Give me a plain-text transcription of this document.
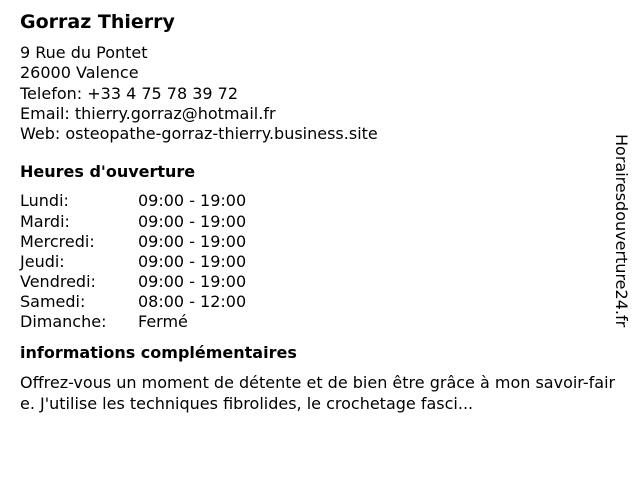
Gorraz Thierry
9 Rue du Pontet
26000 Valence
Telefon: +33 4 75 78 39 72
Email: thierry.gorraz@hotmail.fr
Web: osteopathe-gorraz-thierry.business.site
Heures d'ouverture
Lundi:	09:00 - 19:00
Mardi:	09:00 - 19:00
Mercredi:	09:00 - 19:00
Jeudi:	09:00 - 19:00
Vendredi:	09:00 - 19:00
Samedi:	08:00 - 12:00
Dimanche: Fermé
informations complémentaires
Offrez-vous un moment de détente et de bien être grâce à mon savoir-faire. J'utilise les techniques fibrolides, le crochetage fasci...
Horairesdouverture24.fr
